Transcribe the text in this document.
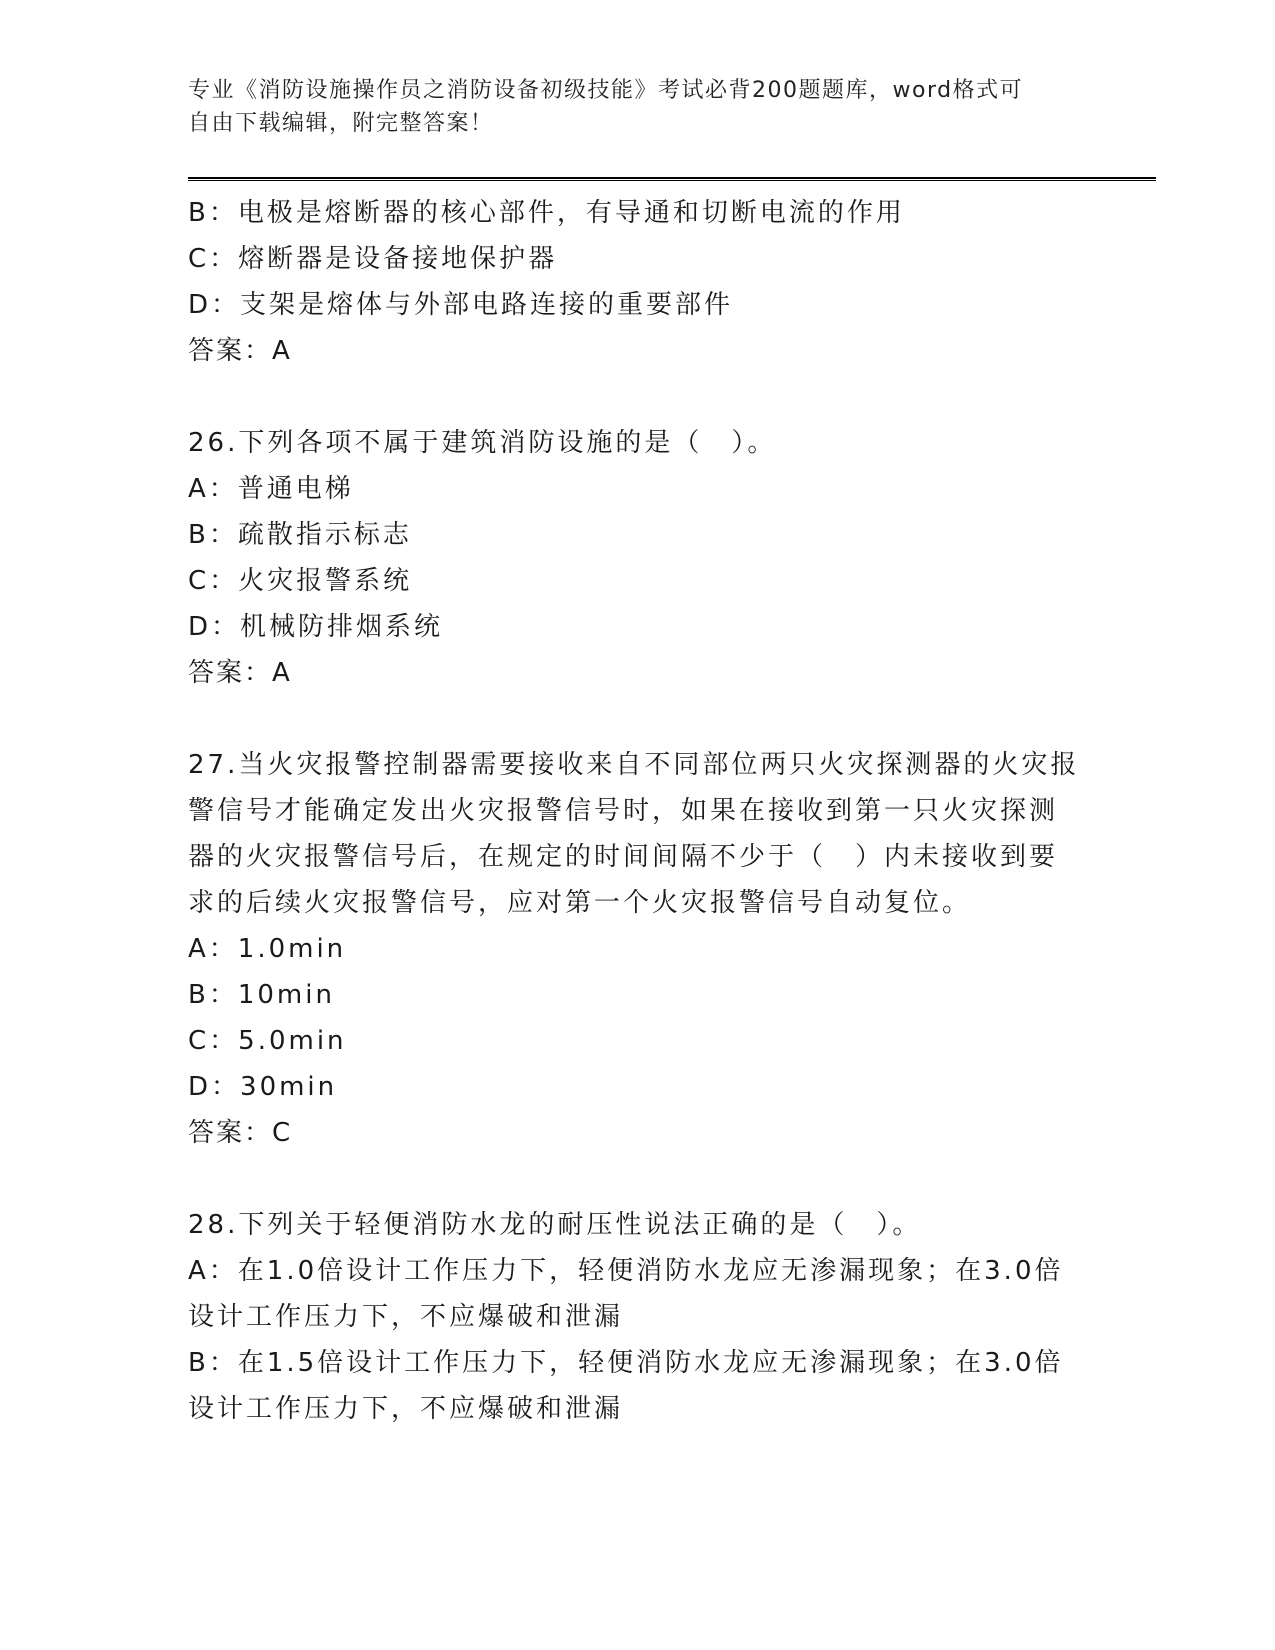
专业《消防设施操作员之消防设备初级技能》考试必背200题题库，word格式可
自由下载编辑，附完整答案！
B：电极是熔断器的核心部件，有导通和切断电流的作用
C：熔断器是设备接地保护器
D：支架是熔体与外部电路连接的重要部件
答案：A
26.下列各项不属于建筑消防设施的是（　）。
A：普通电梯
B：疏散指示标志
C：火灾报警系统
D：机械防排烟系统
答案：A
27.当火灾报警控制器需要接收来自不同部位两只火灾探测器的火灾报
警信号才能确定发出火灾报警信号时，如果在接收到第一只火灾探测
器的火灾报警信号后，在规定的时间间隔不少于（　）内未接收到要
求的后续火灾报警信号，应对第一个火灾报警信号自动复位。
A：1.0min
B：10min
C：5.0min
D：30min
答案：C
28.下列关于轻便消防水龙的耐压性说法正确的是（　）。
A：在1.0倍设计工作压力下，轻便消防水龙应无渗漏现象；在3.0倍
设计工作压力下，不应爆破和泄漏
B：在1.5倍设计工作压力下，轻便消防水龙应无渗漏现象；在3.0倍
设计工作压力下，不应爆破和泄漏
